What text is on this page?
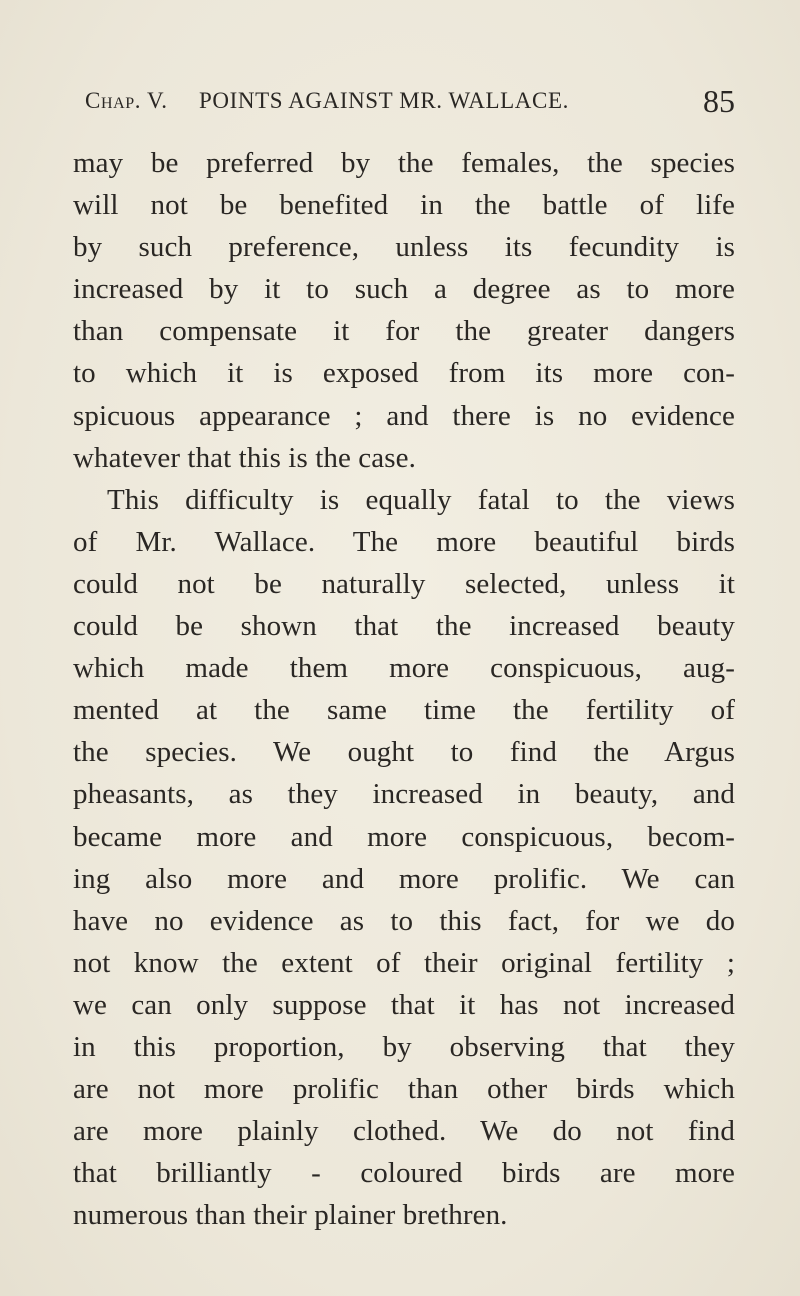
Chap. V. POINTS AGAINST MR. WALLACE.	85
may be preferred by the females, the species
will not be benefited in the battle of life
by such preference, unless its fecundity is
increased by it to such a degree as to more
than compensate it for the greater dangers
to which it is exposed from its more con-
spicuous appearance ; and there is no evidence
whatever that this is the case.
This difficulty is equally fatal to the views
of Mr. Wallace. The more beautiful birds
could not be naturally selected, unless it
could be shown that the increased beauty
which made them more conspicuous, aug-
mented at the same time the fertility of
the species. We ought to find the Argus
pheasants, as they increased in beauty, and
became more and more conspicuous, becom-
ing also more and more prolific. We can
have no evidence as to this fact, for we do
not know the extent of their original fertility ;
we can only suppose that it has not increased
in this proportion, by observing that they
are not more prolific than other birds which
are more plainly clothed. We do not find
that brilliantly - coloured birds are more
numerous than their plainer brethren.
